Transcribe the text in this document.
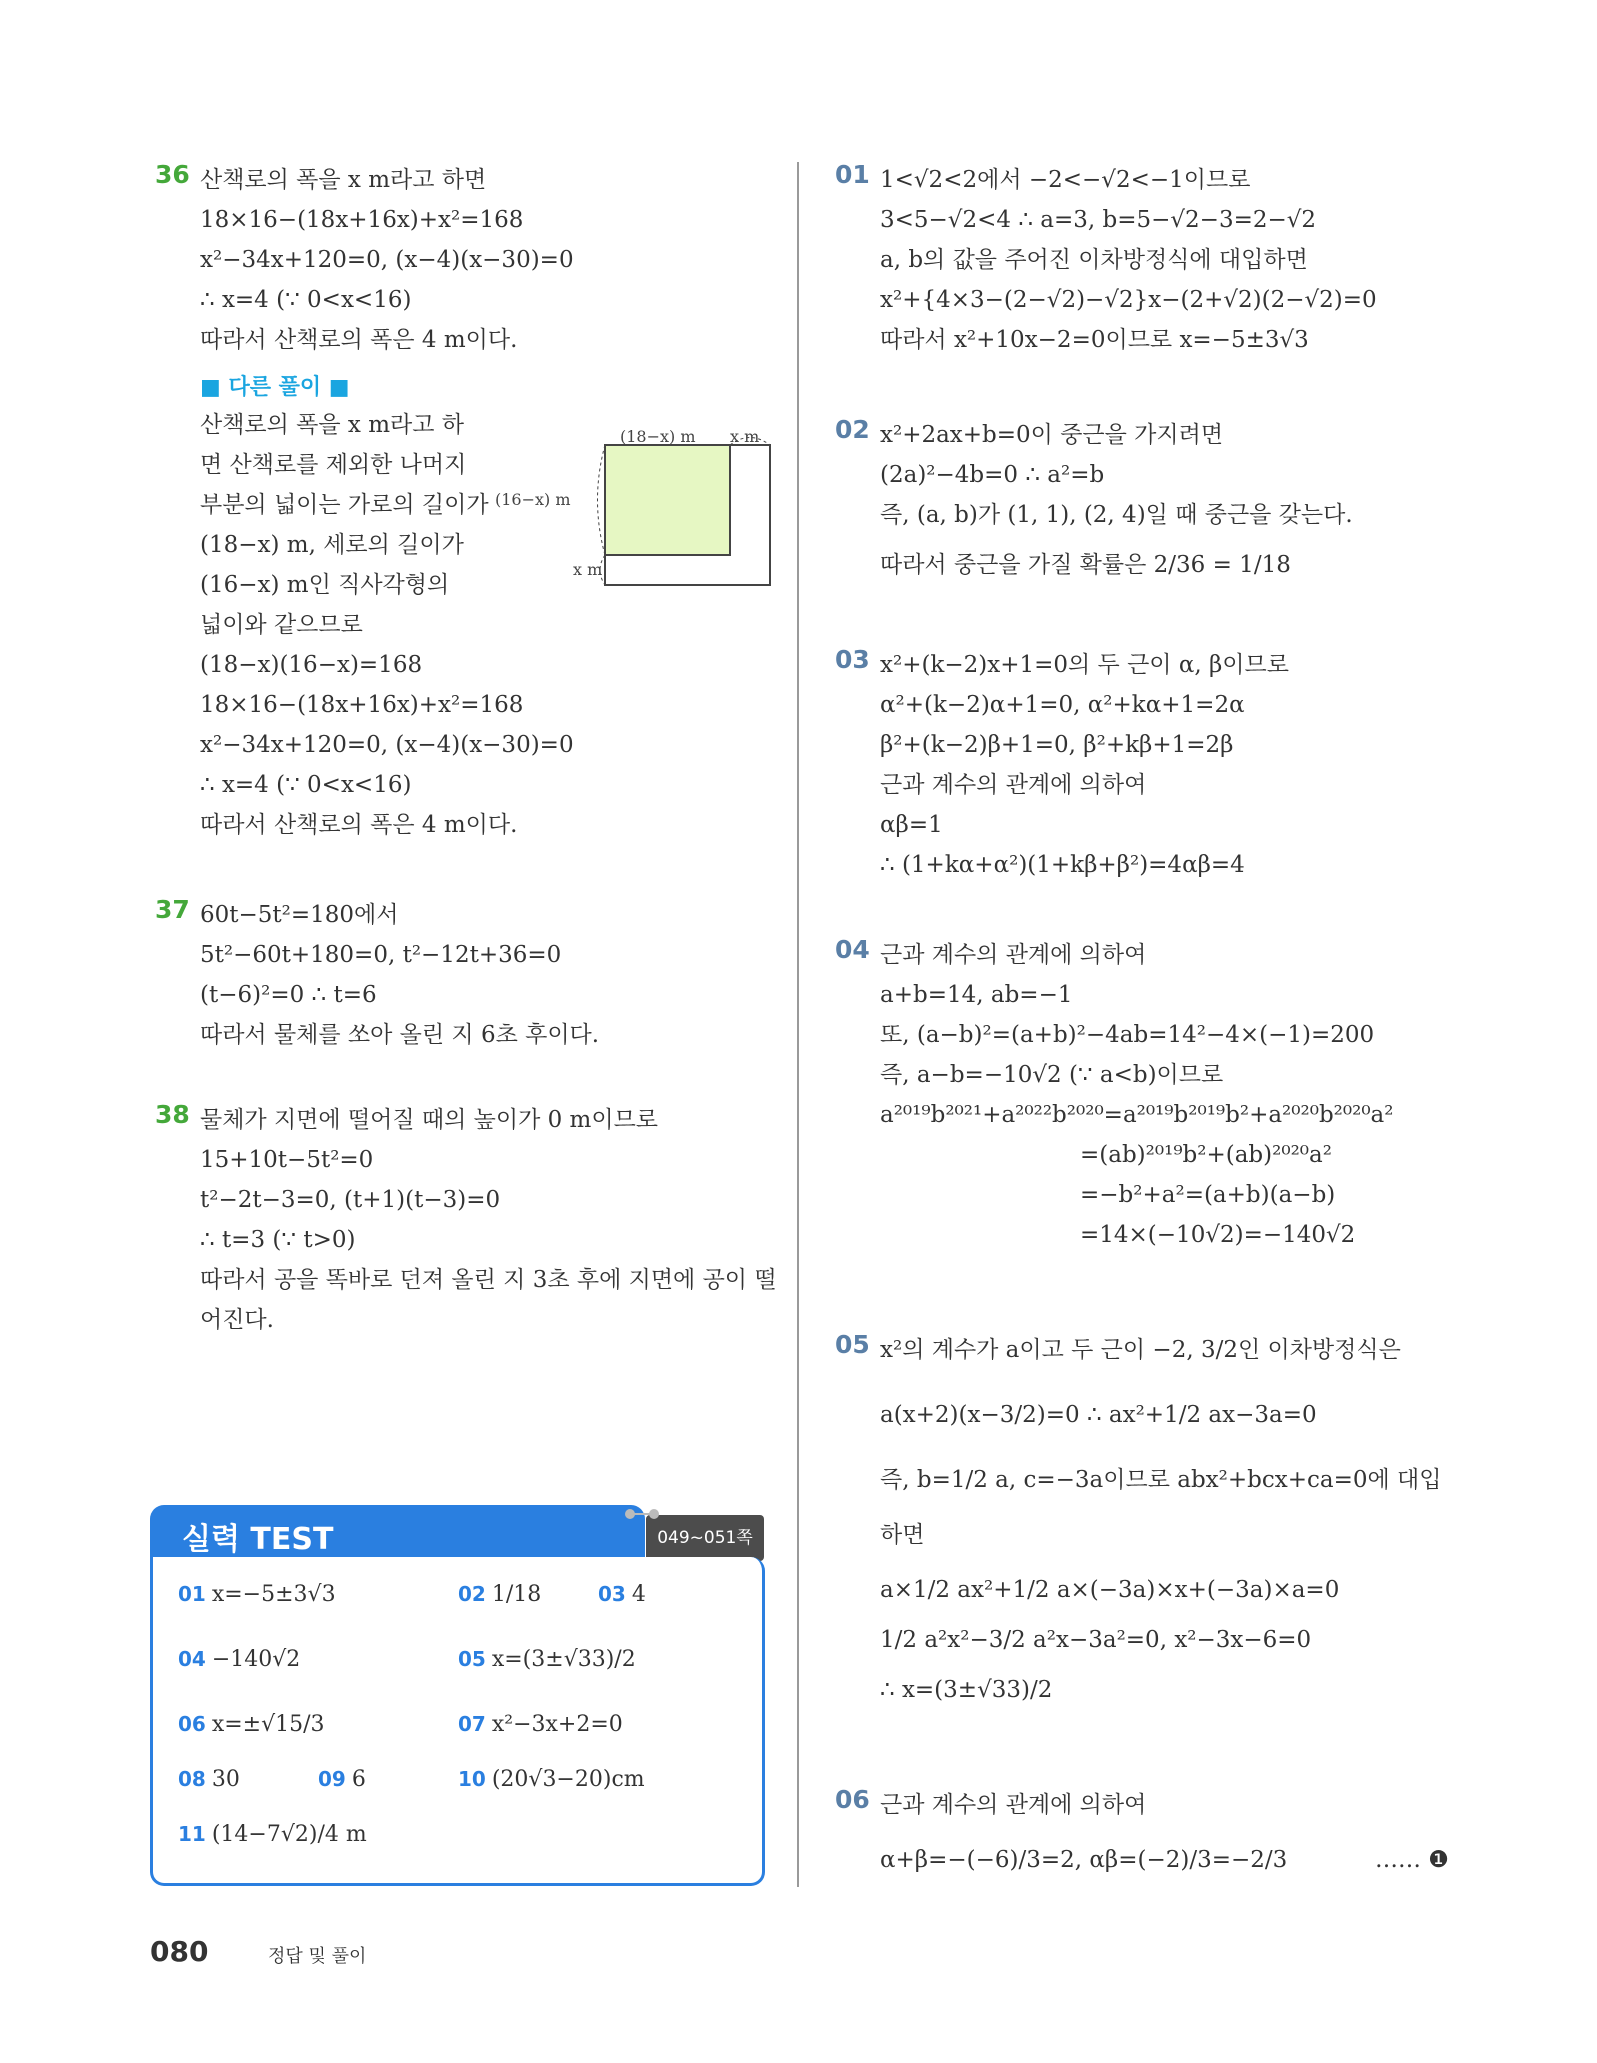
36 산책로의 폭을 x m라고 하면
18×16−(18x+16x)+x²=168
x²−34x+120=0, (x−4)(x−30)=0
∴ x=4 (∵ 0<x<16)
따라서 산책로의 폭은 4 m이다.
■ 다른 풀이 ■
산책로의 폭을 x m라고 하
면 산책로를 제외한 나머지
부분의 넓이는 가로의 길이가
(18−x) m, 세로의 길이가
(16−x) m인 직사각형의
넓이와 같으므로
(18−x)(16−x)=168
18×16−(18x+16x)+x²=168
x²−34x+120=0, (x−4)(x−30)=0
∴ x=4 (∵ 0<x<16)
따라서 산책로의 폭은 4 m이다.
(18−x) m x m
(16−x) m
x m
37 60t−5t²=180에서
5t²−60t+180=0, t²−12t+36=0
(t−6)²=0 ∴ t=6
따라서 물체를 쏘아 올린 지 6초 후이다.
38 물체가 지면에 떨어질 때의 높이가 0 m이므로
15+10t−5t²=0
t²−2t−3=0, (t+1)(t−3)=0
∴ t=3 (∵ t>0)
따라서 공을 똑바로 던져 올린 지 3초 후에 지면에 공이 떨
어진다.
실력 TEST	049~051쪽
01 x=−5±3√3	02 1/18	03 4
04 −140√2	05 x=(3±√33)/2
06 x=±√15/3	07 x²−3x+2=0
08 30	09 6	10 (20√3−20)cm
11 (14−7√2)/4 m
01 1<√2<2에서 −2<−√2<−1이므로
3<5−√2<4 ∴ a=3, b=5−√2−3=2−√2
a, b의 값을 주어진 이차방정식에 대입하면
x²+{4×3−(2−√2)−√2}x−(2+√2)(2−√2)=0
따라서 x²+10x−2=0이므로 x=−5±3√3
02 x²+2ax+b=0이 중근을 가지려면
(2a)²−4b=0 ∴ a²=b
즉, (a, b)가 (1, 1), (2, 4)일 때 중근을 갖는다.
따라서 중근을 가질 확률은 2/36 = 1/18
03 x²+(k−2)x+1=0의 두 근이 α, β이므로
α²+(k−2)α+1=0, α²+kα+1=2α
β²+(k−2)β+1=0, β²+kβ+1=2β
근과 계수의 관계에 의하여
αβ=1
∴ (1+kα+α²)(1+kβ+β²)=4αβ=4
04 근과 계수의 관계에 의하여
a+b=14, ab=−1
또, (a−b)²=(a+b)²−4ab=14²−4×(−1)=200
즉, a−b=−10√2 (∵ a<b)이므로
a²⁰¹⁹b²⁰²¹+a²⁰²²b²⁰²⁰=a²⁰¹⁹b²⁰¹⁹b²+a²⁰²⁰b²⁰²⁰a²
=(ab)²⁰¹⁹b²+(ab)²⁰²⁰a²
=−b²+a²=(a+b)(a−b)
=14×(−10√2)=−140√2
05 x²의 계수가 a이고 두 근이 −2, 3/2인 이차방정식은
a(x+2)(x−3/2)=0 ∴ ax²+1/2 ax−3a=0
즉, b=1/2 a, c=−3a이므로 abx²+bcx+ca=0에 대입
하면
a×1/2 ax²+1/2 a×(−3a)×x+(−3a)×a=0
1/2 a²x²−3/2 a²x−3a²=0, x²−3x−6=0
∴ x=(3±√33)/2
06 근과 계수의 관계에 의하여
α+β=−(−6)/3=2, αβ=(−2)/3=−2/3	…… ❶
080	정답 및 풀이
